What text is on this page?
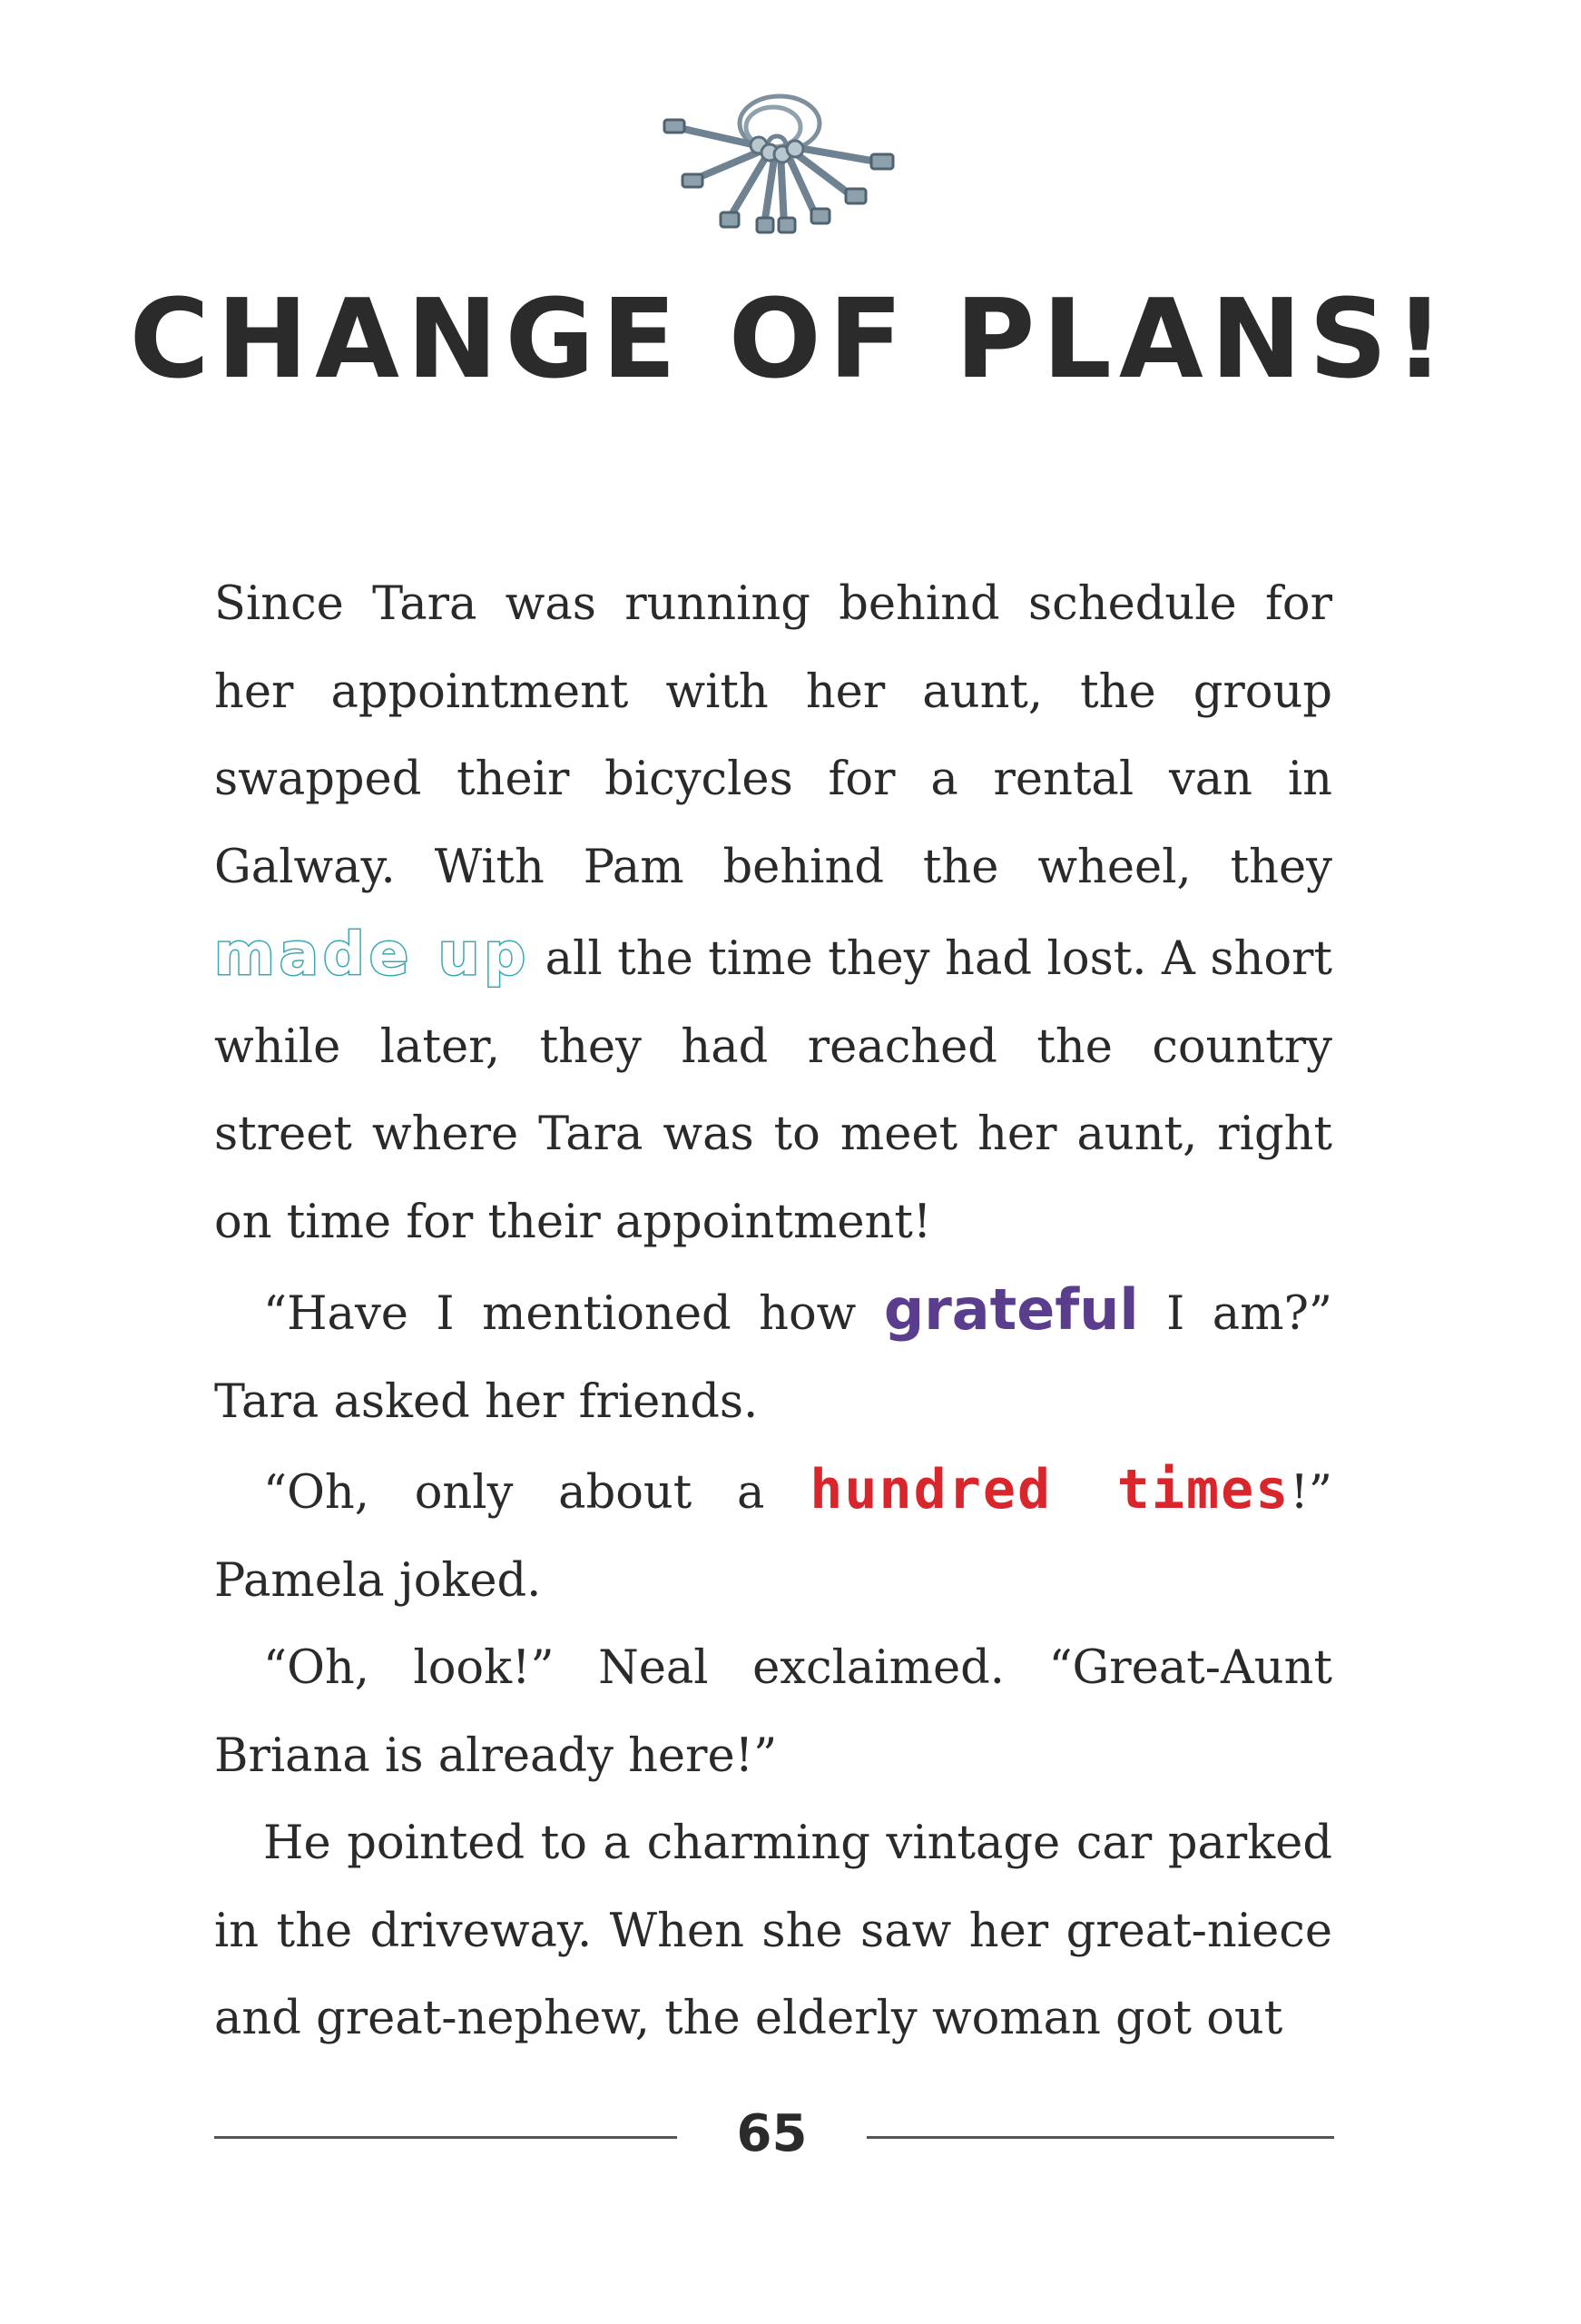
CHANGE OF PLANS!

Since Tara was running behind schedule for her appointment with her aunt, the group swapped their bicycles for a rental van in Galway. With Pam behind the wheel, they made up all the time they had lost. A short while later, they had reached the country street where Tara was to meet her aunt, right on time for their appointment!

“Have I mentioned how grateful I am?” Tara asked her friends.

“Oh, only about a hundred times!” Pamela joked.

“Oh, look!” Neal exclaimed. “Great-Aunt Briana is already here!”

He pointed to a charming vintage car parked in the driveway. When she saw her great-niece and great-nephew, the elderly woman got out

65
